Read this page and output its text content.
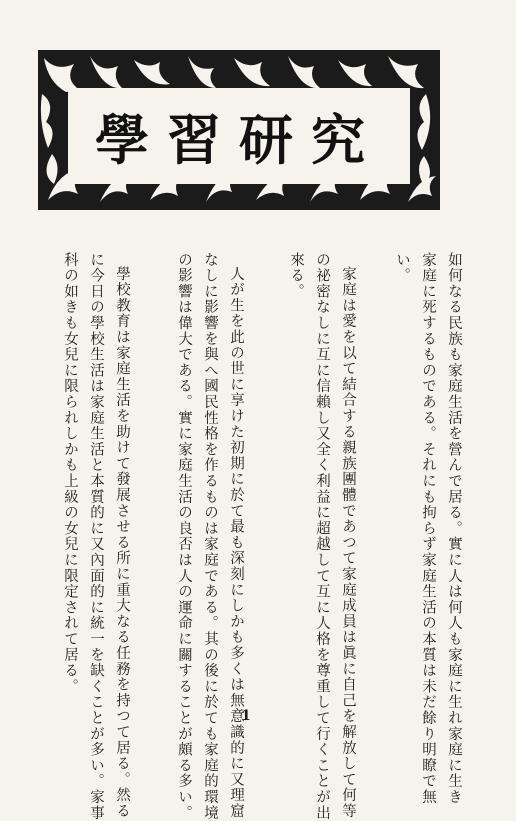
學習研究
如何なる民族も家庭生活を營んで居る。實に人は何人も家庭に生れ家庭に生き
家庭に死するものである。それにも拘らず家庭生活の本質は未だ餘り明瞭で無
い。
家庭は愛を以て結合する親族團體であつて家庭成員は眞に自己を解放して何等
の祕密なしに互に信賴し又全く利益に超越して互に人格を尊重して行くことが出
來る。
人が生を此の世に享けた初期に於て最も深刻にしかも多くは無意識的に又理窟
なしに影響を與へ國民性格を作るものは家庭である。其の後に於ても家庭的環境
の影響は偉大である。實に家庭生活の良否は人の運命に關することが頗る多い。
學校教育は家庭生活を助けて發展させる所に重大なる任務を持つて居る。然る
に今日の學校生活は家庭生活と本質的に又內面的に統一を缺くことが多い。家事
科の如きも女兒に限られしかも上級の女兒に限定されて居る。
1
